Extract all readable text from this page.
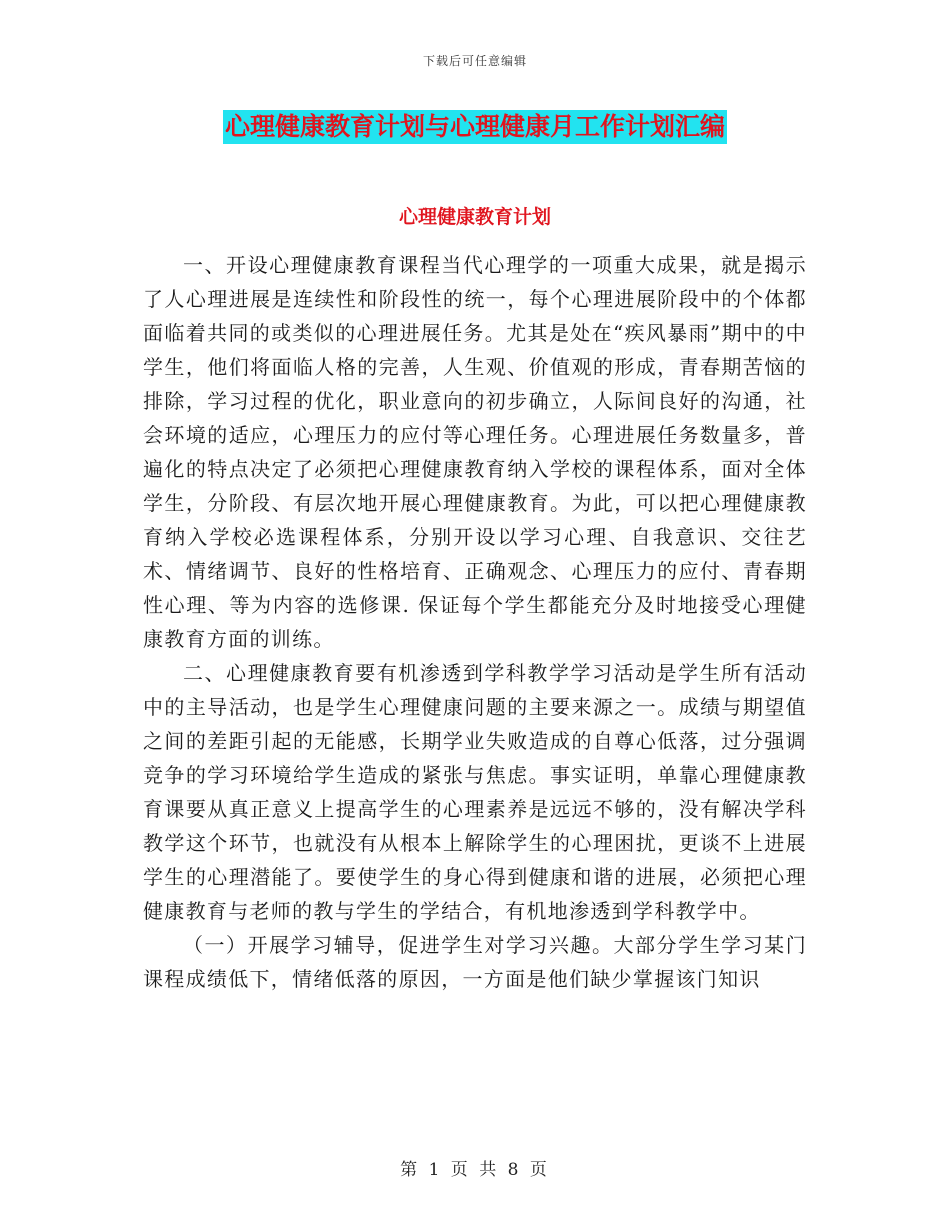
下载后可任意编辑
心理健康教育计划与心理健康月工作计划汇编
心理健康教育计划

一、开设心理健康教育课程当代心理学的一项重大成果，就是揭示了人心理进展是连续性和阶段性的统一，每个心理进展阶段中的个体都面临着共同的或类似的心理进展任务。尤其是处在“疾风暴雨”期中的中学生，他们将面临人格的完善，人生观、价值观的形成，青春期苦恼的排除，学习过程的优化，职业意向的初步确立，人际间良好的沟通，社会环境的适应，心理压力的应付等心理任务。心理进展任务数量多，普遍化的特点决定了必须把心理健康教育纳入学校的课程体系，面对全体学生，分阶段、有层次地开展心理健康教育。为此，可以把心理健康教育纳入学校必选课程体系，分别开设以学习心理、自我意识、交往艺术、情绪调节、良好的性格培育、正确观念、心理压力的应付、青春期性心理、等为内容的选修课. 保证每个学生都能充分及时地接受心理健康教育方面的训练。

二、心理健康教育要有机渗透到学科教学学习活动是学生所有活动中的主导活动，也是学生心理健康问题的主要来源之一。成绩与期望值之间的差距引起的无能感，长期学业失败造成的自尊心低落，过分强调竞争的学习环境给学生造成的紧张与焦虑。事实证明，单靠心理健康教育课要从真正意义上提高学生的心理素养是远远不够的，没有解决学科教学这个环节，也就没有从根本上解除学生的心理困扰，更谈不上进展学生的心理潜能了。要使学生的身心得到健康和谐的进展，必须把心理健康教育与老师的教与学生的学结合，有机地渗透到学科教学中。

（一）开展学习辅导，促进学生对学习兴趣。大部分学生学习某门课程成绩低下，情绪低落的原因，一方面是他们缺少掌握该门知识

第 1 页 共 8 页
